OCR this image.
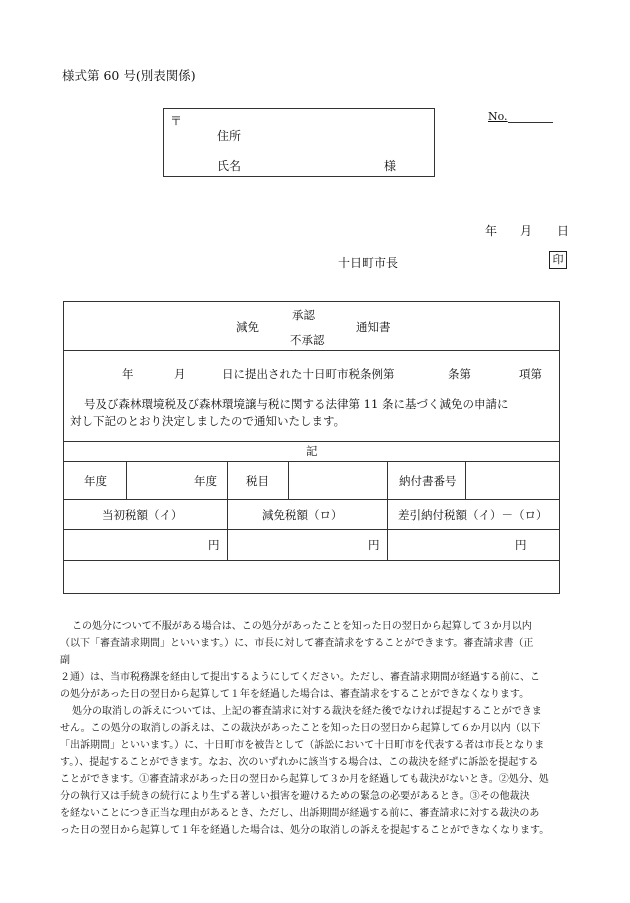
様式第 60 号(別表関係)
〒
住所
氏名	様
No.
年 月 日
十日町市長	印
減免
承認
不承認
通知書
年	月	日に提出された十日町市税条例第	条第	項第
号及び森林環境税及び森林環境譲与税に関する法律第 11 条に基づく減免の申請に
対し下記のとおり決定しましたので通知いたします。
記
年度	年度	税目	納付書番号
当初税額（イ）	減免税額（ロ）	差引納付税額（イ）－（ロ）
円	円	円
この処分について不服がある場合は、この処分があったことを知った日の翌日から起算して３か月以内
（以下「審査請求期間」といいます。）に、市長に対して審査請求をすることができます。審査請求書（正
副
２通）は、当市税務課を経由して提出するようにしてください。ただし、審査請求期間が経過する前に、こ
の処分があった日の翌日から起算して１年を経過した場合は、審査請求をすることができなくなります。
処分の取消しの訴えについては、上記の審査請求に対する裁決を経た後でなければ提起することができま
せん。この処分の取消しの訴えは、この裁決があったことを知った日の翌日から起算して６か月以内（以下
「出訴期間」といいます。）に、十日町市を被告として（訴訟において十日町市を代表する者は市長となりま
す。）、提起することができます。なお、次のいずれかに該当する場合は、この裁決を経ずに訴訟を提起する
ことができます。①審査請求があった日の翌日から起算して３か月を経過しても裁決がないとき。②処分、処
分の執行又は手続きの続行により生ずる著しい損害を避けるための緊急の必要があるとき。③その他裁決
を経ないことにつき正当な理由があるとき、ただし、出訴期間が経過する前に、審査請求に対する裁決のあ
った日の翌日から起算して１年を経過した場合は、処分の取消しの訴えを提起することができなくなります。
